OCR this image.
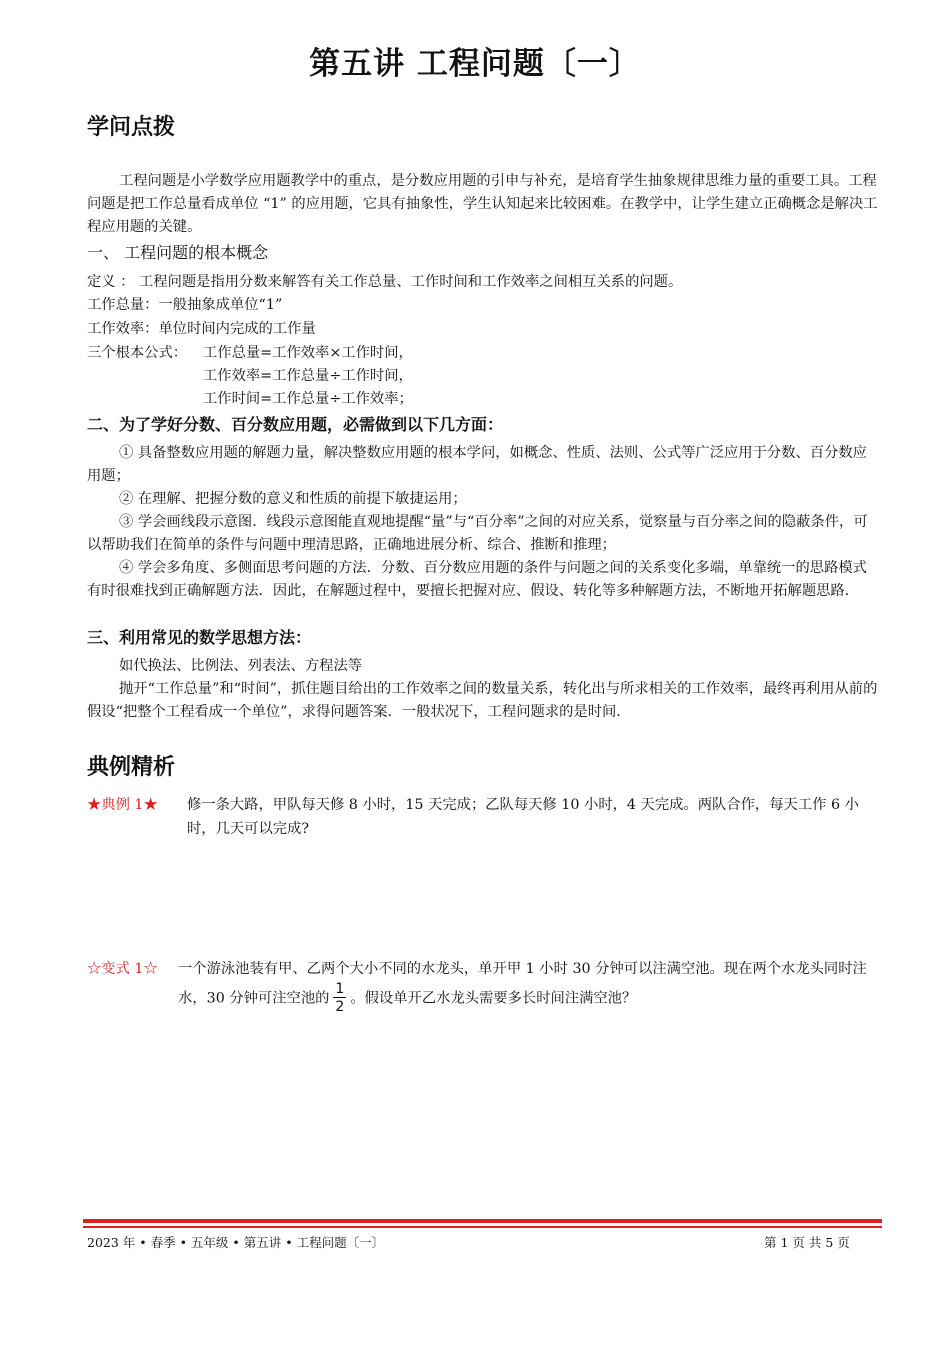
第五讲 工程问题〔一〕
学问点拨
工程问题是小学数学应用题教学中的重点，是分数应用题的引申与补充，是培育学生抽象规律思维力量的重要工具。工程问题是把工作总量看成单位 “1” 的应用题，它具有抽象性，学生认知起来比较困难。在教学中，让学生建立正确概念是解决工程应用题的关键。
一、 工程问题的根本概念
定义 ： 工程问题是指用分数来解答有关工作总量、工作时间和工作效率之间相互关系的问题。
工作总量：一般抽象成单位“1”
工作效率：单位时间内完成的工作量
三个根本公式： 工作总量=工作效率×工作时间，
工作效率=工作总量÷工作时间，
工作时间=工作总量÷工作效率；
二、为了学好分数、百分数应用题，必需做到以下几方面：
① 具备整数应用题的解题力量，解决整数应用题的根本学问，如概念、性质、法则、公式等广泛应用于分数、百分数应用题；
② 在理解、把握分数的意义和性质的前提下敏捷运用；
③ 学会画线段示意图．线段示意图能直观地提醒“量”与“百分率”之间的对应关系，觉察量与百分率之间的隐蔽条件，可以帮助我们在简单的条件与问题中理清思路，正确地进展分析、综合、推断和推理；
④ 学会多角度、多侧面思考问题的方法．分数、百分数应用题的条件与问题之间的关系变化多端，单靠统一的思路模式有时很难找到正确解题方法．因此，在解题过程中，要擅长把握对应、假设、转化等多种解题方法，不断地开拓解题思路．
三、利用常见的数学思想方法：
如代换法、比例法、列表法、方程法等
抛开“工作总量”和“时间”，抓住题目给出的工作效率之间的数量关系，转化出与所求相关的工作效率，最终再利用从前的假设“把整个工程看成一个单位”，求得问题答案．一般状况下，工程问题求的是时间．
典例精析
★典例 1★ 修一条大路，甲队每天修 8 小时，15 天完成；乙队每天修 10 小时，4 天完成。两队合作，每天工作 6 小时，几天可以完成?
☆变式 1☆ 一个游泳池装有甲、乙两个大小不同的水龙头，单开甲 1 小时 30 分钟可以注满空池。现在两个水龙头同时注水，30 分钟可注空池的 $\frac{1}{2}$ 。假设单开乙水龙头需要多长时间注满空池？
2023 年 • 春季 • 五年级 • 第五讲 • 工程问题〔一〕	第 1 页 共 5 页
